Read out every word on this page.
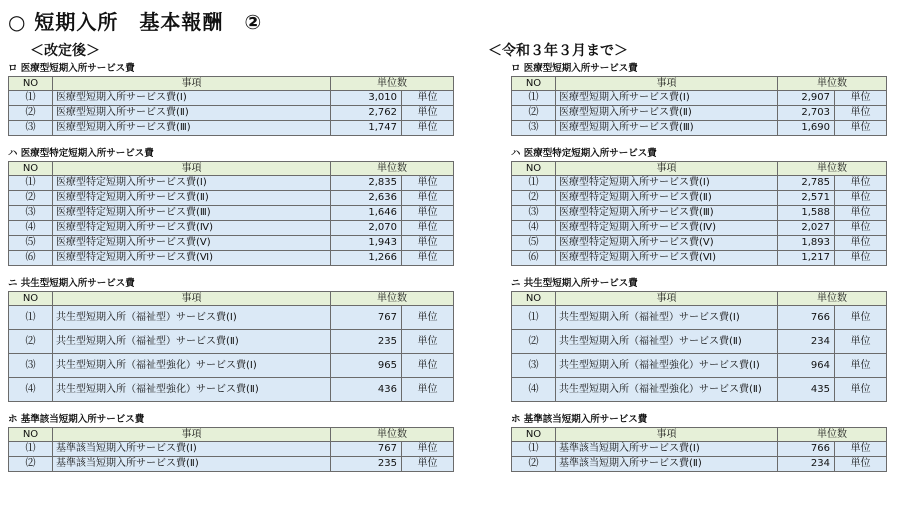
○ 短期入所　基本報酬　②
＜改定後＞	＜令和３年３月まで＞
ロ 医療型短期入所サービス費
NO	事項	単位数	
⑴	医療型短期入所サービス費(Ⅰ)	3,010	単位
⑵	医療型短期入所サービス費(Ⅱ)	2,762	単位
⑶	医療型短期入所サービス費(Ⅲ)	1,747	単位
ハ 医療型特定短期入所サービス費
NO	事項	単位数	
⑴	医療型特定短期入所サービス費(Ⅰ)	2,835	単位
⑵	医療型特定短期入所サービス費(Ⅱ)	2,636	単位
⑶	医療型特定短期入所サービス費(Ⅲ)	1,646	単位
⑷	医療型特定短期入所サービス費(Ⅳ)	2,070	単位
⑸	医療型特定短期入所サービス費(Ⅴ)	1,943	単位
⑹	医療型特定短期入所サービス費(Ⅵ)	1,266	単位
ニ 共生型短期入所サービス費
NO	事項	単位数	
⑴	共生型短期入所（福祉型）サービス費(Ⅰ)	767	単位
⑵	共生型短期入所（福祉型）サービス費(Ⅱ)	235	単位
⑶	共生型短期入所（福祉型強化）サービス費(Ⅰ)	965	単位
⑷	共生型短期入所（福祉型強化）サービス費(Ⅱ)	436	単位
ホ 基準該当短期入所サービス費
NO	事項	単位数	
⑴	基準該当短期入所サービス費(Ⅰ)	767	単位
⑵	基準該当短期入所サービス費(Ⅱ)	235	単位
ロ 医療型短期入所サービス費
NO	事項	単位数	
⑴	医療型短期入所サービス費(Ⅰ)	2,907	単位
⑵	医療型短期入所サービス費(Ⅱ)	2,703	単位
⑶	医療型短期入所サービス費(Ⅲ)	1,690	単位
ハ 医療型特定短期入所サービス費
NO	事項	単位数	
⑴	医療型特定短期入所サービス費(Ⅰ)	2,785	単位
⑵	医療型特定短期入所サービス費(Ⅱ)	2,571	単位
⑶	医療型特定短期入所サービス費(Ⅲ)	1,588	単位
⑷	医療型特定短期入所サービス費(Ⅳ)	2,027	単位
⑸	医療型特定短期入所サービス費(Ⅴ)	1,893	単位
⑹	医療型特定短期入所サービス費(Ⅵ)	1,217	単位
ニ 共生型短期入所サービス費
NO	事項	単位数	
⑴	共生型短期入所（福祉型）サービス費(Ⅰ)	766	単位
⑵	共生型短期入所（福祉型）サービス費(Ⅱ)	234	単位
⑶	共生型短期入所（福祉型強化）サービス費(Ⅰ)	964	単位
⑷	共生型短期入所（福祉型強化）サービス費(Ⅱ)	435	単位
ホ 基準該当短期入所サービス費
NO	事項	単位数	
⑴	基準該当短期入所サービス費(Ⅰ)	766	単位
⑵	基準該当短期入所サービス費(Ⅱ)	234	単位
